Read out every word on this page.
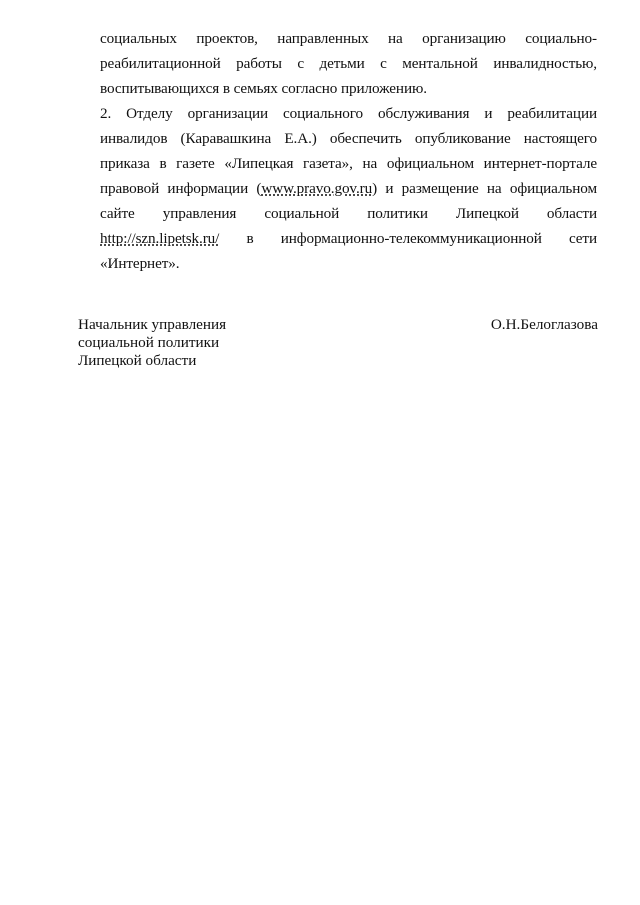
социальных проектов, направленных на организацию социально-
реабилитационной работы с детьми с ментальной инвалидностью,
воспитывающихся в семьях согласно приложению.
2. Отделу организации социального обслуживания и реабилитации
инвалидов (Каравашкина Е.А.) обеспечить опубликование настоящего
приказа в газете «Липецкая газета», на официальном интернет-портале
правовой информации (www.pravo.gov.ru) и размещение на официальном
сайте управления социальной политики Липецкой области
http://szn.lipetsk.ru/ в информационно-телекоммуникационной сети
«Интернет».
Начальник управления
социальной политики
Липецкой области
О.Н.Белоглазова
